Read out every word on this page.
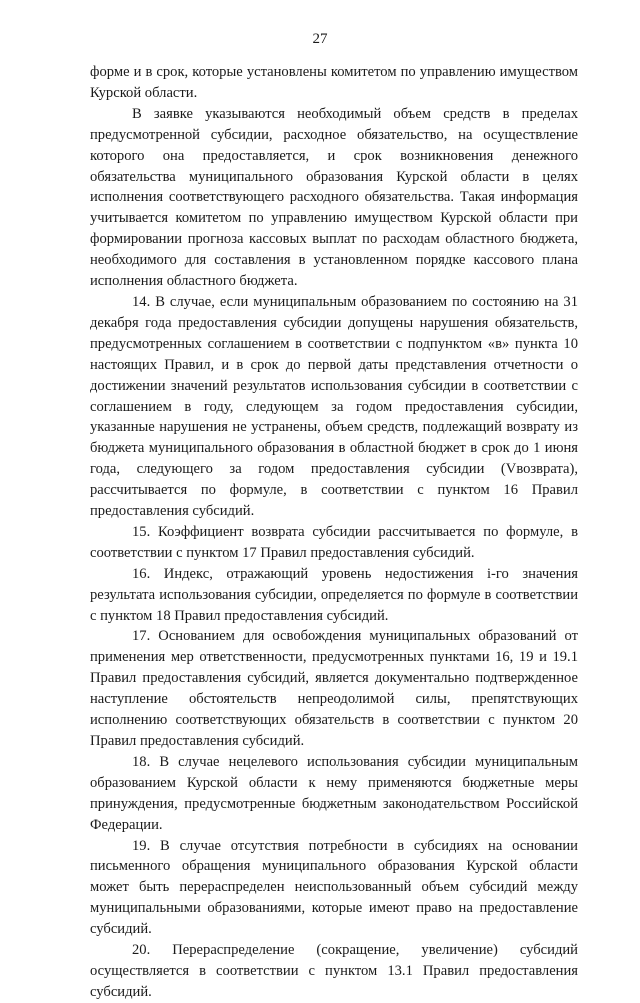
27

форме и в срок, которые установлены комитетом по управлению имуществом Курской области.

В заявке указываются необходимый объем средств в пределах предусмотренной субсидии, расходное обязательство, на осуществление которого она предоставляется, и срок возникновения денежного обязательства муниципального образования Курской области в целях исполнения соответствующего расходного обязательства. Такая информация учитывается комитетом по управлению имуществом Курской области при формировании прогноза кассовых выплат по расходам областного бюджета, необходимого для составления в установленном порядке кассового плана исполнения областного бюджета.

14. В случае, если муниципальным образованием по состоянию на 31 декабря года предоставления субсидии допущены нарушения обязательств, предусмотренных соглашением в соответствии с подпунктом «в» пункта 10 настоящих Правил, и в срок до первой даты представления отчетности о достижении значений результатов использования субсидии в соответствии с соглашением в году, следующем за годом предоставления субсидии, указанные нарушения не устранены, объем средств, подлежащий возврату из бюджета муниципального образования в областной бюджет в срок до 1 июня года, следующего за годом предоставления субсидии (Vвозврата), рассчитывается по формуле, в соответствии с пунктом 16 Правил предоставления субсидий.

15. Коэффициент возврата субсидии рассчитывается по формуле, в соответствии с пунктом 17 Правил предоставления субсидий.

16. Индекс, отражающий уровень недостижения i-го значения результата использования субсидии, определяется по формуле в соответствии с пунктом 18 Правил предоставления субсидий.

17. Основанием для освобождения муниципальных образований от применения мер ответственности, предусмотренных пунктами 16, 19 и 19.1 Правил предоставления субсидий, является документально подтвержденное наступление обстоятельств непреодолимой силы, препятствующих исполнению соответствующих обязательств в соответствии с пунктом 20 Правил предоставления субсидий.

18. В случае нецелевого использования субсидии муниципальным образованием Курской области к нему применяются бюджетные меры принуждения, предусмотренные бюджетным законодательством Российской Федерации.

19. В случае отсутствия потребности в субсидиях на основании письменного обращения муниципального образования Курской области может быть перераспределен неиспользованный объем субсидий между муниципальными образованиями, которые имеют право на предоставление субсидий.

20. Перераспределение (сокращение, увеличение) субсидий осуществляется в соответствии с пунктом 13.1 Правил предоставления субсидий.
